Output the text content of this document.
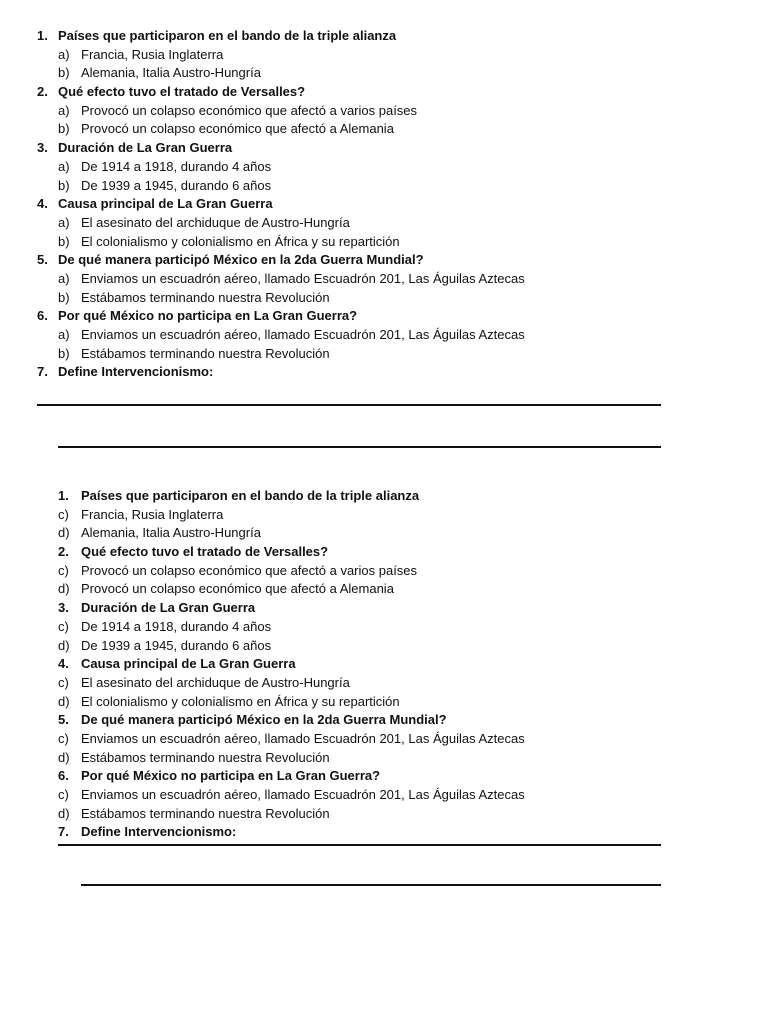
1. Países que participaron en el bando de la triple alianza
a) Francia, Rusia Inglaterra
b) Alemania, Italia Austro-Hungría
2. Qué efecto tuvo el tratado de Versalles?
a) Provocó un colapso económico que afectó a varios países
b) Provocó un colapso económico que afectó a Alemania
3. Duración de La Gran Guerra
a) De 1914 a 1918, durando 4 años
b) De 1939 a 1945, durando 6 años
4. Causa principal de La Gran Guerra
a) El asesinato del archiduque de Austro-Hungría
b) El colonialismo y colonialismo en África y su repartición
5. De qué manera participó México en la 2da Guerra Mundial?
a) Enviamos un escuadrón aéreo, llamado Escuadrón 201, Las Águilas Aztecas
b) Estábamos terminando nuestra Revolución
6. Por qué México no participa en La Gran Guerra?
a) Enviamos un escuadrón aéreo, llamado Escuadrón 201, Las Águilas Aztecas
b) Estábamos terminando nuestra Revolución
7. Define Intervencionismo:
1. Países que participaron en el bando de la triple alianza
c) Francia, Rusia Inglaterra
d) Alemania, Italia Austro-Hungría
2. Qué efecto tuvo el tratado de Versalles?
c) Provocó un colapso económico que afectó a varios países
d) Provocó un colapso económico que afectó a Alemania
3. Duración de La Gran Guerra
c) De 1914 a 1918, durando 4 años
d) De 1939 a 1945, durando 6 años
4. Causa principal de La Gran Guerra
c) El asesinato del archiduque de Austro-Hungría
d) El colonialismo y colonialismo en África y su repartición
5. De qué manera participó México en la 2da Guerra Mundial?
c) Enviamos un escuadrón aéreo, llamado Escuadrón 201, Las Águilas Aztecas
d) Estábamos terminando nuestra Revolución
6. Por qué México no participa en La Gran Guerra?
c) Enviamos un escuadrón aéreo, llamado Escuadrón 201, Las Águilas Aztecas
d) Estábamos terminando nuestra Revolución
7. Define Intervencionismo:
